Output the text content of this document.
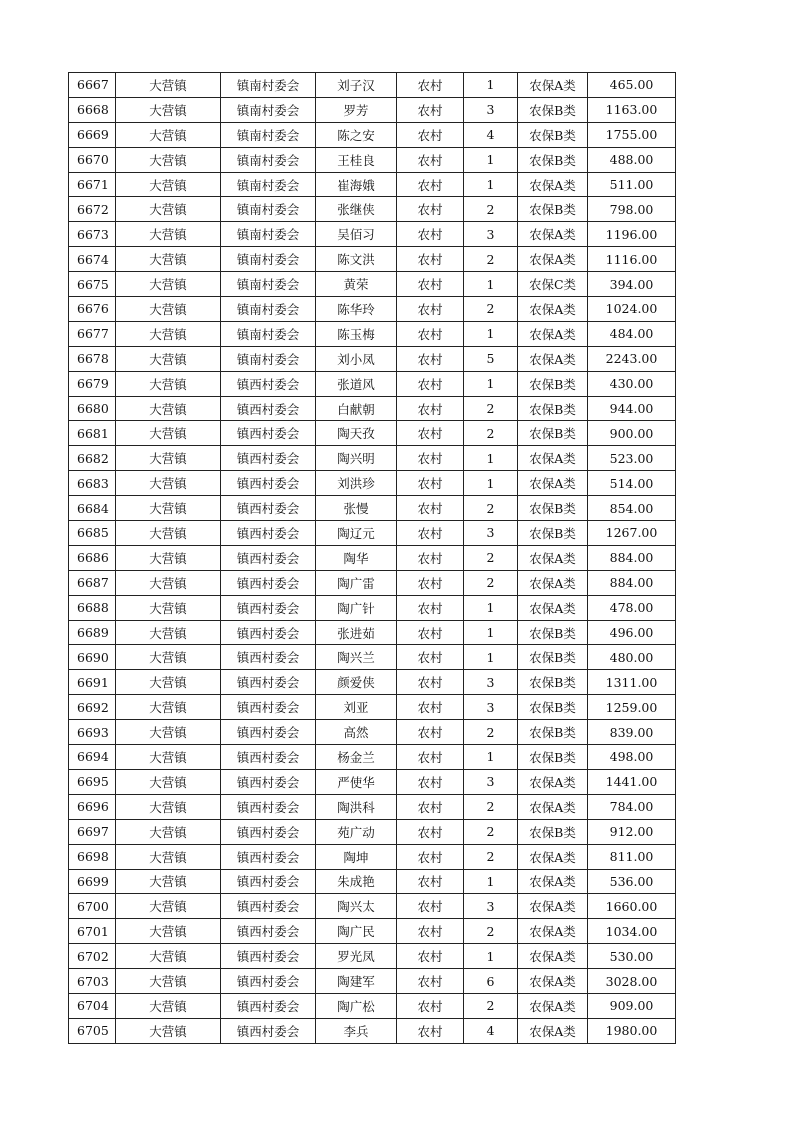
6667	大营镇	镇南村委会	刘子汉	农村	1	农保A类	465.00
6668	大营镇	镇南村委会	罗芳	农村	3	农保B类	1163.00
6669	大营镇	镇南村委会	陈之安	农村	4	农保B类	1755.00
6670	大营镇	镇南村委会	王桂良	农村	1	农保B类	488.00
6671	大营镇	镇南村委会	崔海娥	农村	1	农保A类	511.00
6672	大营镇	镇南村委会	张继侠	农村	2	农保B类	798.00
6673	大营镇	镇南村委会	吴佰习	农村	3	农保A类	1196.00
6674	大营镇	镇南村委会	陈文洪	农村	2	农保A类	1116.00
6675	大营镇	镇南村委会	黄荣	农村	1	农保C类	394.00
6676	大营镇	镇南村委会	陈华玲	农村	2	农保A类	1024.00
6677	大营镇	镇南村委会	陈玉梅	农村	1	农保A类	484.00
6678	大营镇	镇南村委会	刘小凤	农村	5	农保A类	2243.00
6679	大营镇	镇西村委会	张道风	农村	1	农保B类	430.00
6680	大营镇	镇西村委会	白献朝	农村	2	农保B类	944.00
6681	大营镇	镇西村委会	陶天孜	农村	2	农保B类	900.00
6682	大营镇	镇西村委会	陶兴明	农村	1	农保A类	523.00
6683	大营镇	镇西村委会	刘洪珍	农村	1	农保A类	514.00
6684	大营镇	镇西村委会	张慢	农村	2	农保B类	854.00
6685	大营镇	镇西村委会	陶辽元	农村	3	农保B类	1267.00
6686	大营镇	镇西村委会	陶华	农村	2	农保A类	884.00
6687	大营镇	镇西村委会	陶广雷	农村	2	农保A类	884.00
6688	大营镇	镇西村委会	陶广针	农村	1	农保A类	478.00
6689	大营镇	镇西村委会	张进茹	农村	1	农保B类	496.00
6690	大营镇	镇西村委会	陶兴兰	农村	1	农保B类	480.00
6691	大营镇	镇西村委会	颜爱侠	农村	3	农保B类	1311.00
6692	大营镇	镇西村委会	刘亚	农村	3	农保B类	1259.00
6693	大营镇	镇西村委会	高然	农村	2	农保B类	839.00
6694	大营镇	镇西村委会	杨金兰	农村	1	农保B类	498.00
6695	大营镇	镇西村委会	严使华	农村	3	农保A类	1441.00
6696	大营镇	镇西村委会	陶洪科	农村	2	农保A类	784.00
6697	大营镇	镇西村委会	苑广动	农村	2	农保B类	912.00
6698	大营镇	镇西村委会	陶坤	农村	2	农保A类	811.00
6699	大营镇	镇西村委会	朱成艳	农村	1	农保A类	536.00
6700	大营镇	镇西村委会	陶兴太	农村	3	农保A类	1660.00
6701	大营镇	镇西村委会	陶广民	农村	2	农保A类	1034.00
6702	大营镇	镇西村委会	罗光凤	农村	1	农保A类	530.00
6703	大营镇	镇西村委会	陶建军	农村	6	农保A类	3028.00
6704	大营镇	镇西村委会	陶广松	农村	2	农保A类	909.00
6705	大营镇	镇西村委会	李兵	农村	4	农保A类	1980.00
